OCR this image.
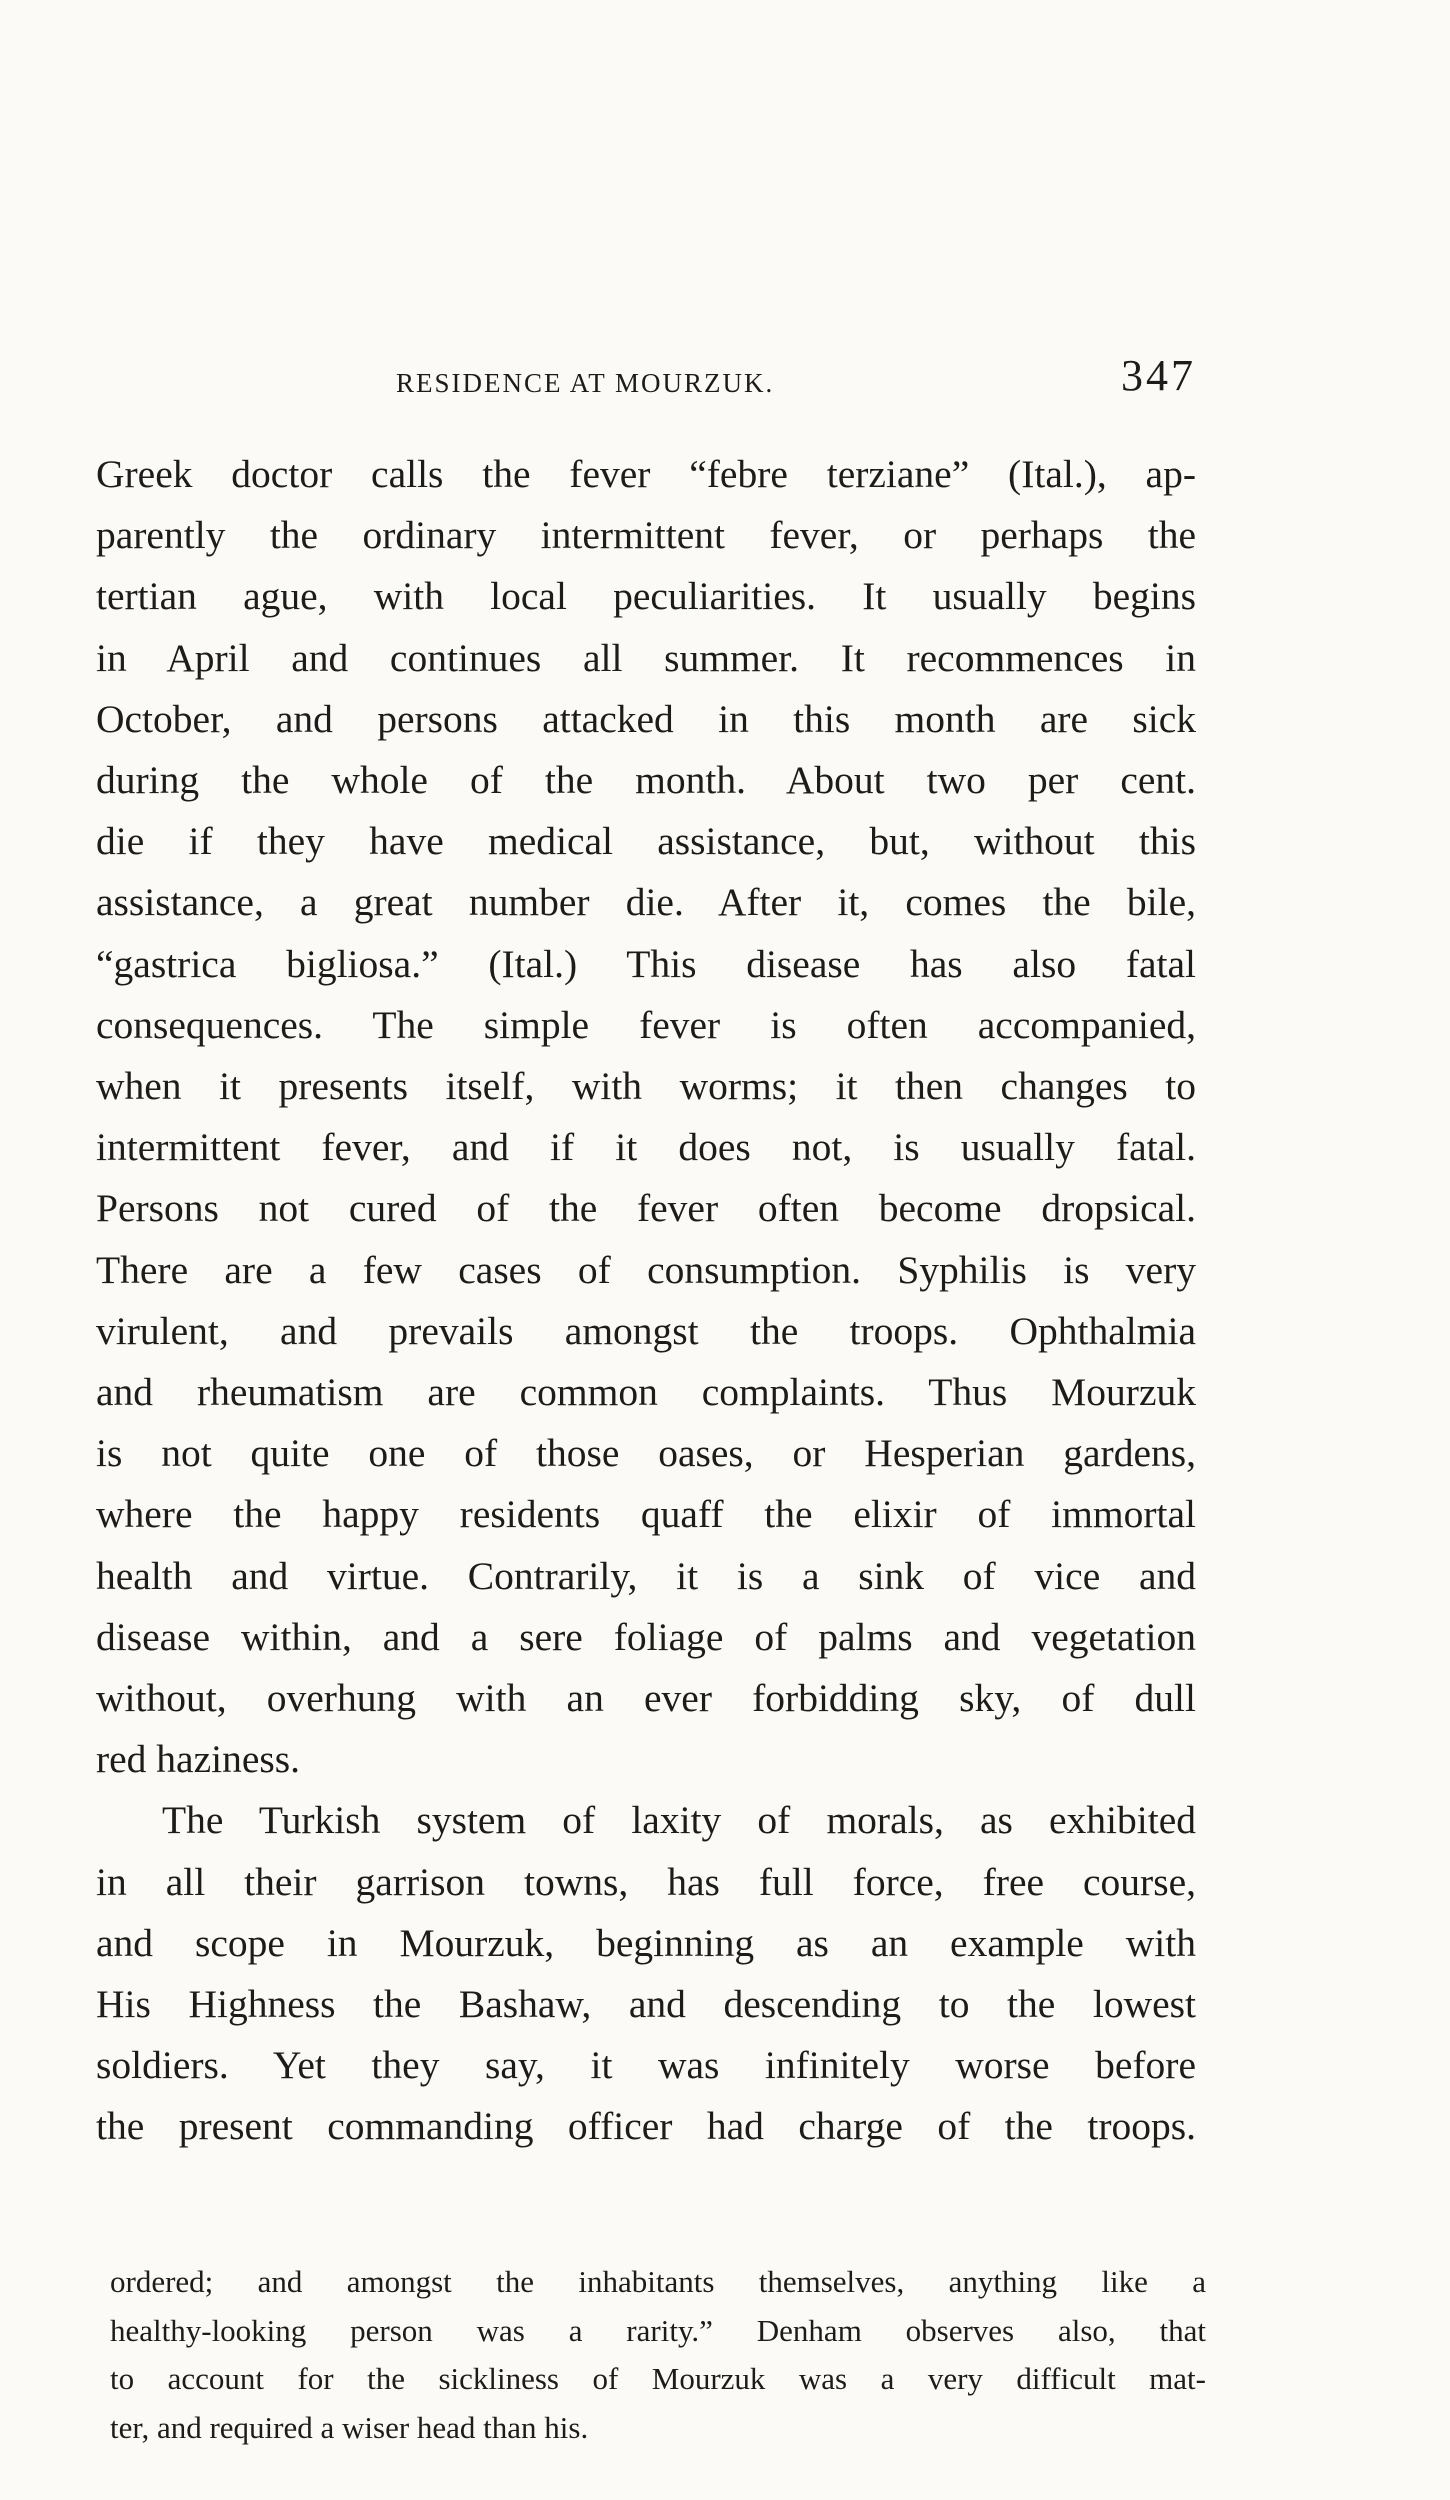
RESIDENCE AT MOURZUK.	347
Greek doctor calls the fever “febre terziane” (Ital.), ap-
parently the ordinary intermittent fever, or perhaps the
tertian ague, with local peculiarities. It usually begins
in April and continues all summer. It recommences in
October, and persons attacked in this month are sick
during the whole of the month. About two per cent.
die if they have medical assistance, but, without this
assistance, a great number die. After it, comes the bile,
“gastrica bigliosa.” (Ital.) This disease has also fatal
consequences. The simple fever is often accompanied,
when it presents itself, with worms; it then changes to
intermittent fever, and if it does not, is usually fatal.
Persons not cured of the fever often become dropsical.
There are a few cases of consumption. Syphilis is very
virulent, and prevails amongst the troops. Ophthalmia
and rheumatism are common complaints. Thus Mourzuk
is not quite one of those oases, or Hesperian gardens,
where the happy residents quaff the elixir of immortal
health and virtue. Contrarily, it is a sink of vice and
disease within, and a sere foliage of palms and vegetation
without, overhung with an ever forbidding sky, of dull
red haziness.
The Turkish system of laxity of morals, as exhibited
in all their garrison towns, has full force, free course,
and scope in Mourzuk, beginning as an example with
His Highness the Bashaw, and descending to the lowest
soldiers. Yet they say, it was infinitely worse before
the present commanding officer had charge of the troops.
ordered; and amongst the inhabitants themselves, anything like a
healthy-looking person was a rarity.” Denham observes also, that
to account for the sickliness of Mourzuk was a very difficult mat-
ter, and required a wiser head than his.
